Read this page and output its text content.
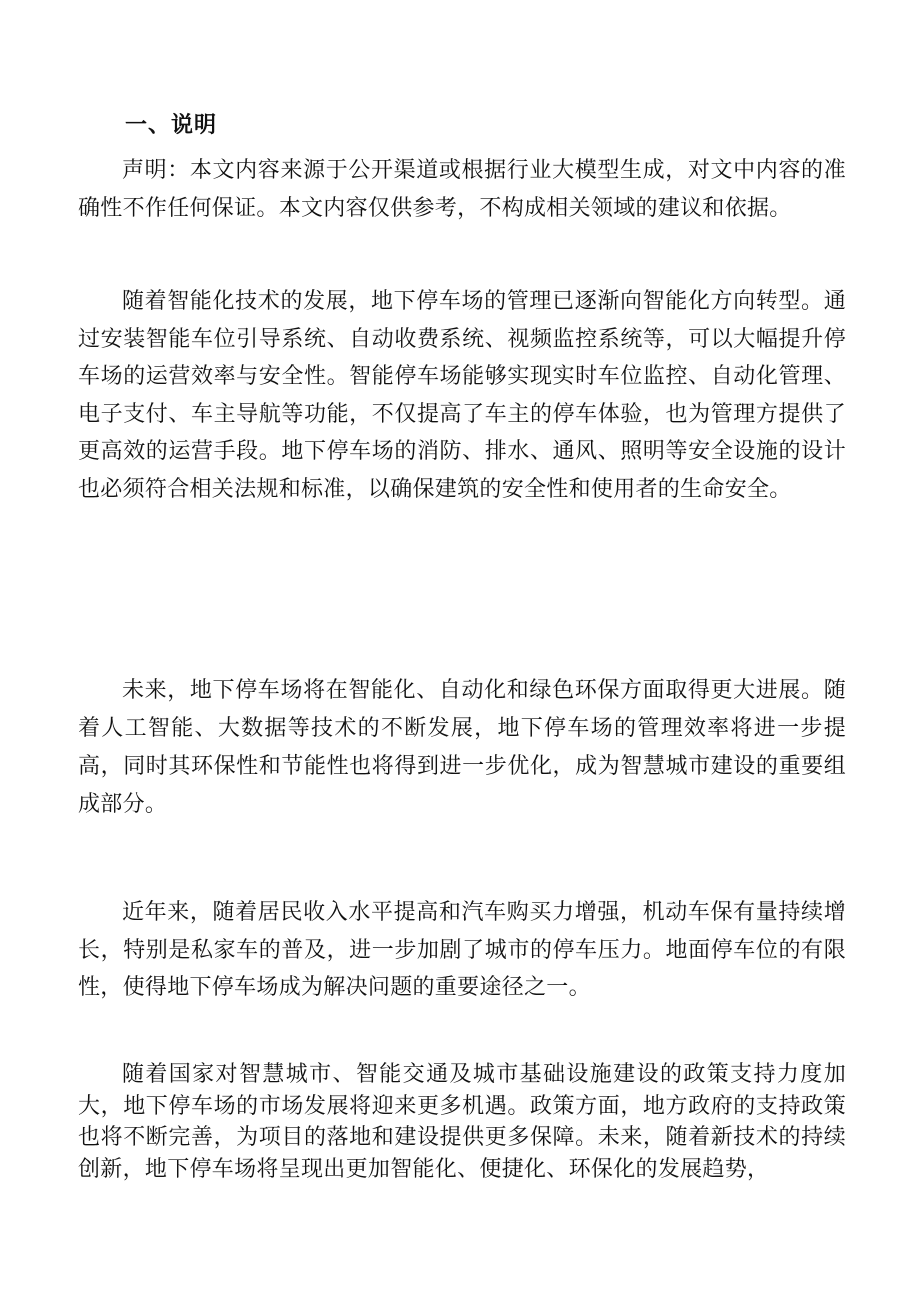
一、说明

声明：本文内容来源于公开渠道或根据行业大模型生成，对文中内容的准确性不作任何保证。本文内容仅供参考，不构成相关领域的建议和依据。

随着智能化技术的发展，地下停车场的管理已逐渐向智能化方向转型。通过安装智能车位引导系统、自动收费系统、视频监控系统等，可以大幅提升停车场的运营效率与安全性。智能停车场能够实现实时车位监控、自动化管理、电子支付、车主导航等功能，不仅提高了车主的停车体验，也为管理方提供了更高效的运营手段。地下停车场的消防、排水、通风、照明等安全设施的设计也必须符合相关法规和标准，以确保建筑的安全性和使用者的生命安全。

未来，地下停车场将在智能化、自动化和绿色环保方面取得更大进展。随着人工智能、大数据等技术的不断发展，地下停车场的管理效率将进一步提高，同时其环保性和节能性也将得到进一步优化，成为智慧城市建设的重要组成部分。

近年来，随着居民收入水平提高和汽车购买力增强，机动车保有量持续增长，特别是私家车的普及，进一步加剧了城市的停车压力。地面停车位的有限性，使得地下停车场成为解决问题的重要途径之一。

随着国家对智慧城市、智能交通及城市基础设施建设的政策支持力度加大，地下停车场的市场发展将迎来更多机遇。政策方面，地方政府的支持政策也将不断完善，为项目的落地和建设提供更多保障。未来，随着新技术的持续创新，地下停车场将呈现出更加智能化、便捷化、环保化的发展趋势，
